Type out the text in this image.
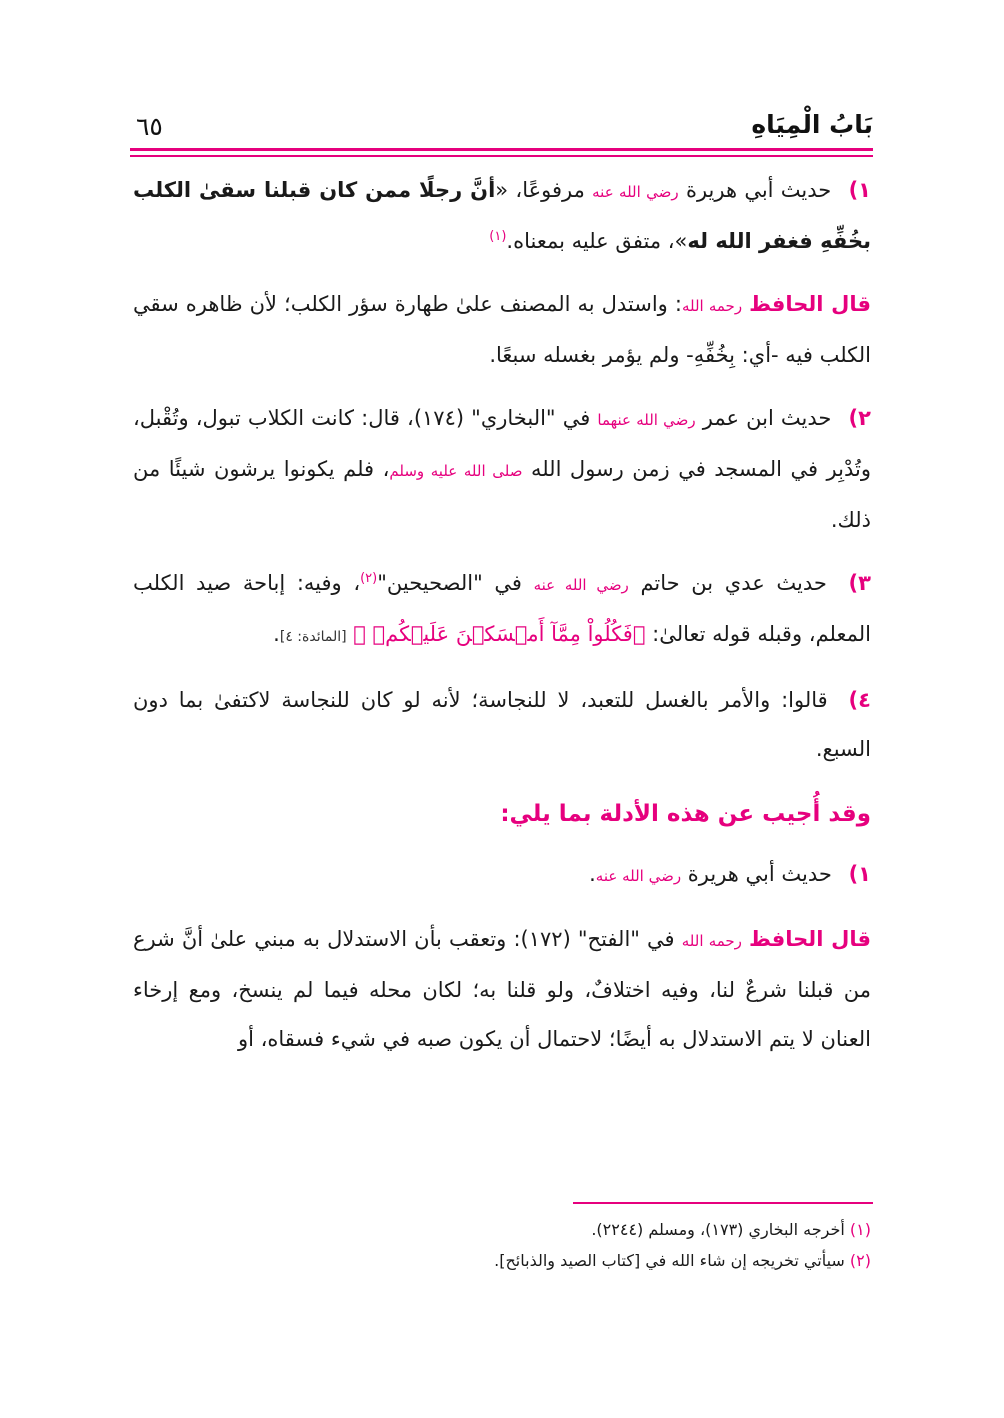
بَابُ الْمِيَاهِ
٦٥

١) حديث أبي هريرة رضي الله عنه مرفوعًا، «أنَّ رجلًا ممن كان قبلنا سقىٰ الكلب بخُفِّهِ فغفر الله له»، متفق عليه بمعناه.$^{(١)}$

قال الحافظ رحمه الله: واستدل به المصنف علىٰ طهارة سؤر الكلب؛ لأن ظاهره سقي الكلب فيه -أي: بِخُفِّهِ- ولم يؤمر بغسله سبعًا.

٢) حديث ابن عمر رضي الله عنهما في "البخاري" (١٧٤)، قال: كانت الكلاب تبول، وتُقْبل، وتُدْبِر في المسجد في زمن رسول الله صلى الله عليه وسلم، فلم يكونوا يرشون شيئًا من ذلك.

٣) حديث عدي بن حاتم رضي الله عنه في "الصحيحين"$^{(٢)}$، وفيه: إباحة صيد الكلب المعلم، وقبله قوله تعالىٰ: ﴿فَكُلُواْ مِمَّآ أَمۡسَكۡنَ عَلَيۡكُمۡ ﴾ [المائدة: ٤].

٤) قالوا: والأمر بالغسل للتعبد، لا للنجاسة؛ لأنه لو كان للنجاسة لاكتفىٰ بما دون السبع.

وقد أُجيب عن هذه الأدلة بما يلي:

١) حديث أبي هريرة رضي الله عنه.

قال الحافظ رحمه الله في "الفتح" (١٧٢): وتعقب بأن الاستدلال به مبني علىٰ أنَّ شرع من قبلنا شرعٌ لنا، وفيه اختلافٌ، ولو قلنا به؛ لكان محله فيما لم ينسخ، ومع إرخاء العنان لا يتم الاستدلال به أيضًا؛ لاحتمال أن يكون صبه في شيء فسقاه، أو

(١) أخرجه البخاري (١٧٣)، ومسلم (٢٢٤٤).
(٢) سيأتي تخريجه إن شاء الله في [كتاب الصيد والذبائح].
